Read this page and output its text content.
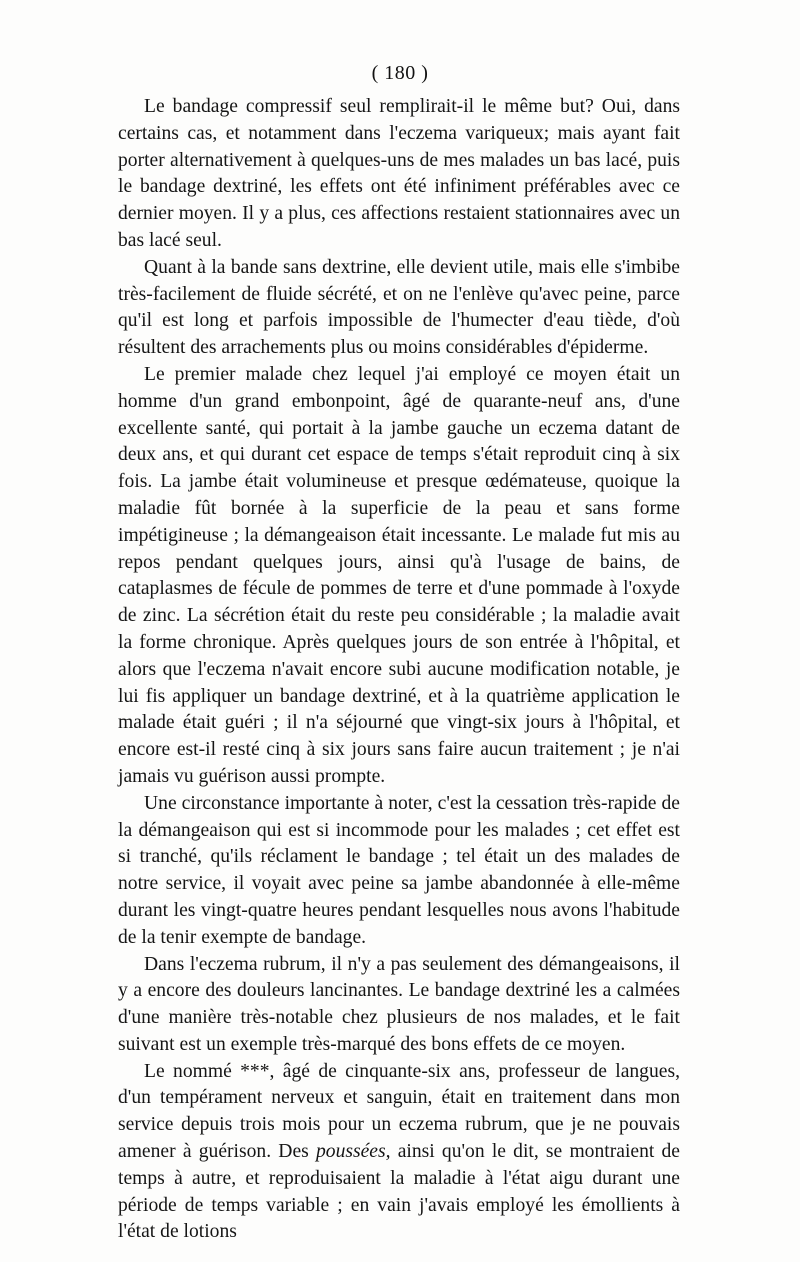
( 180 )

Le bandage compressif seul remplirait-il le même but? Oui, dans certains cas, et notamment dans l'eczema variqueux; mais ayant fait porter alternativement à quelques-uns de mes malades un bas lacé, puis le bandage dextriné, les effets ont été infiniment préférables avec ce dernier moyen. Il y a plus, ces affections restaient stationnaires avec un bas lacé seul.

Quant à la bande sans dextrine, elle devient utile, mais elle s'imbibe très-facilement de fluide sécrété, et on ne l'enlève qu'avec peine, parce qu'il est long et parfois impossible de l'humecter d'eau tiède, d'où résultent des arrachements plus ou moins considérables d'épiderme.

Le premier malade chez lequel j'ai employé ce moyen était un homme d'un grand embonpoint, âgé de quarante-neuf ans, d'une excellente santé, qui portait à la jambe gauche un eczema datant de deux ans, et qui durant cet espace de temps s'était reproduit cinq à six fois. La jambe était volumineuse et presque œdémateuse, quoique la maladie fût bornée à la superficie de la peau et sans forme impétigineuse ; la démangeaison était incessante. Le malade fut mis au repos pendant quelques jours, ainsi qu'à l'usage de bains, de cataplasmes de fécule de pommes de terre et d'une pommade à l'oxyde de zinc. La sécrétion était du reste peu considérable ; la maladie avait la forme chronique. Après quelques jours de son entrée à l'hôpital, et alors que l'eczema n'avait encore subi aucune modification notable, je lui fis appliquer un bandage dextriné, et à la quatrième application le malade était guéri ; il n'a séjourné que vingt-six jours à l'hôpital, et encore est-il resté cinq à six jours sans faire aucun traitement ; je n'ai jamais vu guérison aussi prompte.

Une circonstance importante à noter, c'est la cessation très-rapide de la démangeaison qui est si incommode pour les malades ; cet effet est si tranché, qu'ils réclament le bandage ; tel était un des malades de notre service, il voyait avec peine sa jambe abandonnée à elle-même durant les vingt-quatre heures pendant lesquelles nous avons l'habitude de la tenir exempte de bandage.

Dans l'eczema rubrum, il n'y a pas seulement des démangeaisons, il y a encore des douleurs lancinantes. Le bandage dextriné les a calmées d'une manière très-notable chez plusieurs de nos malades, et le fait suivant est un exemple très-marqué des bons effets de ce moyen.

Le nommé ***, âgé de cinquante-six ans, professeur de langues, d'un tempérament nerveux et sanguin, était en traitement dans mon service depuis trois mois pour un eczema rubrum, que je ne pouvais amener à guérison. Des poussées, ainsi qu'on le dit, se montraient de temps à autre, et reproduisaient la maladie à l'état aigu durant une période de temps variable ; en vain j'avais employé les émollients à l'état de lotions
